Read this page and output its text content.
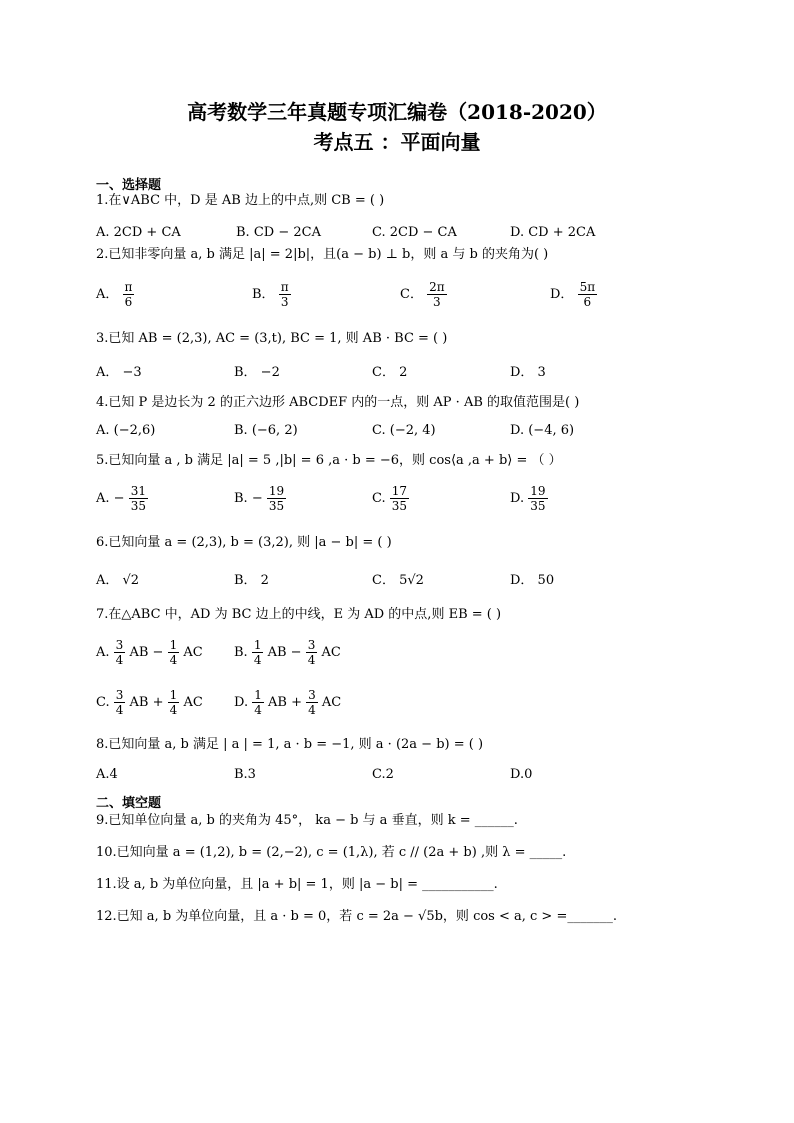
高考数学三年真题专项汇编卷（2018-2020）
考点五 ：平面向量
一、选择题
1.在∨ABC 中，D 是 AB 边上的中点,则 CB = ( )
A. 2CD + CA	B. CD − 2CA	C. 2CD − CA	D. CD + 2CA
2.已知非零向量 a, b 满足 |a| = 2|b|，且(a − b) ⊥ b，则 a 与 b 的夹角为( )
A． $\frac{\pi}{6}$	B． $\frac{\pi}{3}$	C． $\frac{2\pi}{3}$	D． $\frac{5\pi}{6}$
3.已知 AB = (2,3), AC = (3,t), BC = 1, 则 AB · BC = ( )
A． −3	B． −2	C． 2	D． 3
4.已知 P 是边长为 2 的正六边形 ABCDEF 内的一点，则 AP · AB 的取值范围是( )
A. (−2,6)	B. (−6, 2)	C. (−2, 4)	D. (−4, 6)
5.已知向量 a , b 满足 |a| = 5 ,|b| = 6 ,a · b = −6，则 cos⟨a ,a + b⟩ = （ ）
A. − $\frac{31}{35}$	B. − $\frac{19}{35}$	C. $\frac{17}{35}$	D. $\frac{19}{35}$
6.已知向量 a = (2,3), b = (3,2), 则 |a − b| = ( )
A． √2	B． 2	C． 5√2	D． 50
7.在△ABC 中，AD 为 BC 边上的中线，E 为 AD 的中点,则 EB = ( )
A. $\frac{3}{4}$ AB − $\frac{1}{4}$ AC B. $\frac{1}{4}$ AB − $\frac{3}{4}$ AC
C. $\frac{3}{4}$ AB + $\frac{1}{4}$ AC D. $\frac{1}{4}$ AB + $\frac{3}{4}$ AC
8.已知向量 a, b 满足 | a | = 1, a · b = −1, 则 a · (2a − b) = ( )
A.4	B.3	C.2	D.0
二、填空题
9.已知单位向量 a, b 的夹角为 45°， ka − b 与 a 垂直，则 k = ______.
10.已知向量 a = (1,2), b = (2,−2), c = (1,λ), 若 c // (2a + b) ,则 λ = _____.
11.设 a, b 为单位向量，且 |a + b| = 1，则 |a − b| = ___________.
12.已知 a, b 为单位向量，且 a · b = 0，若 c = 2a − √5b，则 cos < a, c > =_______.
